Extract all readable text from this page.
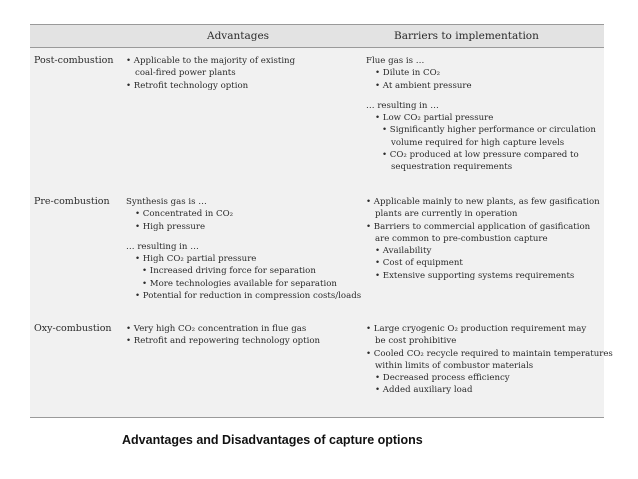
Advantages	Barriers to implementation
Post-combustion • Applicable to the majority of existing
coal-fired power plants
• Retrofit technology option
Flue gas is …
• Dilute in CO₂
• At ambient pressure
… resulting in …
• Low CO₂ partial pressure
• Significantly higher performance or circulation
volume required for high capture levels
• CO₂ produced at low pressure compared to
sequestration requirements
Pre-combustion Synthesis gas is …
• Concentrated in CO₂
• High pressure
… resulting in …
• High CO₂ partial pressure
• Increased driving force for separation
• More technologies available for separation
• Potential for reduction in compression costs/loads
• Applicable mainly to new plants, as few gasification
plants are currently in operation
• Barriers to commercial application of gasification
are common to pre-combustion capture
• Availability
• Cost of equipment
• Extensive supporting systems requirements
Oxy-combustion • Very high CO₂ concentration in flue gas
• Retrofit and repowering technology option
• Large cryogenic O₂ production requirement may
be cost prohibitive
• Cooled CO₂ recycle required to maintain temperatures
within limits of combustor materials
• Decreased process efficiency
• Added auxiliary load
Advantages and Disadvantages of capture options
